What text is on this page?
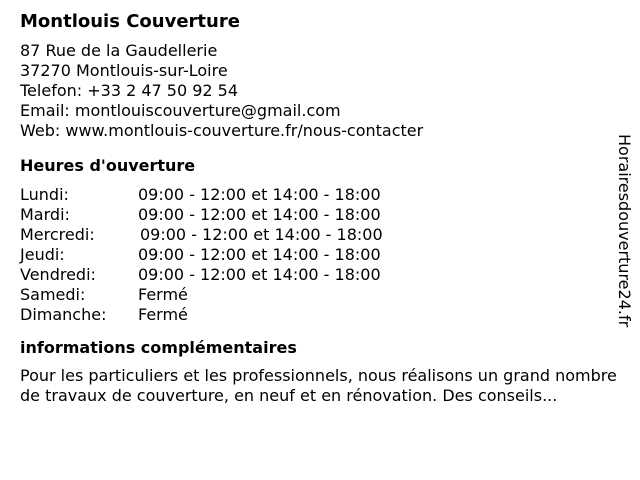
Montlouis Couverture
87 Rue de la Gaudellerie
37270 Montlouis-sur-Loire
Telefon: +33 2 47 50 92 54
Email: montlouiscouverture@gmail.com
Web: www.montlouis-couverture.fr/nous-contacter
Heures d'ouverture
Lundi:	09:00 - 12:00 et 14:00 - 18:00
Mardi:	09:00 - 12:00 et 14:00 - 18:00
Mercredi:	09:00 - 12:00 et 14:00 - 18:00
Jeudi:	09:00 - 12:00 et 14:00 - 18:00
Vendredi:	09:00 - 12:00 et 14:00 - 18:00
Samedi:	Fermé
Dimanche:	Fermé
informations complémentaires
Pour les particuliers et les professionnels, nous réalisons un grand nombre de travaux de couverture, en neuf et en rénovation. Des conseils...
Horairesdouverture24.fr
